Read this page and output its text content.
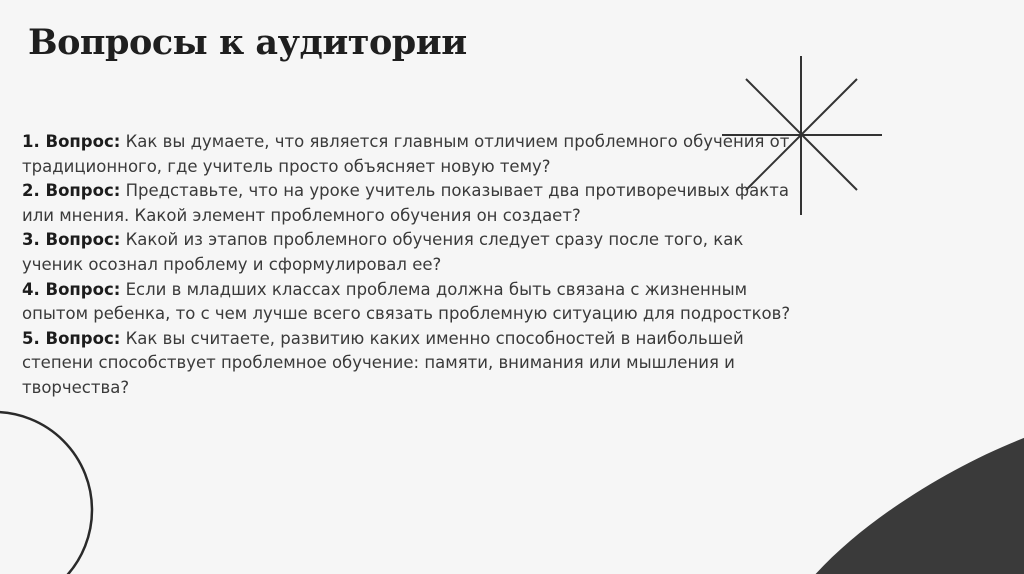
Вопросы к аудитории

1. Вопрос: Как вы думаете, что является главным отличием проблемного обучения от традиционного, где учитель просто объясняет новую тему?

2. Вопрос: Представьте, что на уроке учитель показывает два противоречивых факта или мнения. Какой элемент проблемного обучения он создает?

3. Вопрос: Какой из этапов проблемного обучения следует сразу после того, как ученик осознал проблему и сформулировал ее?

4. Вопрос: Если в младших классах проблема должна быть связана с жизненным опытом ребенка, то с чем лучше всего связать проблемную ситуацию для подростков?

5. Вопрос: Как вы считаете, развитию каких именно способностей в наибольшей степени способствует проблемное обучение: памяти, внимания или мышления и творчества?
